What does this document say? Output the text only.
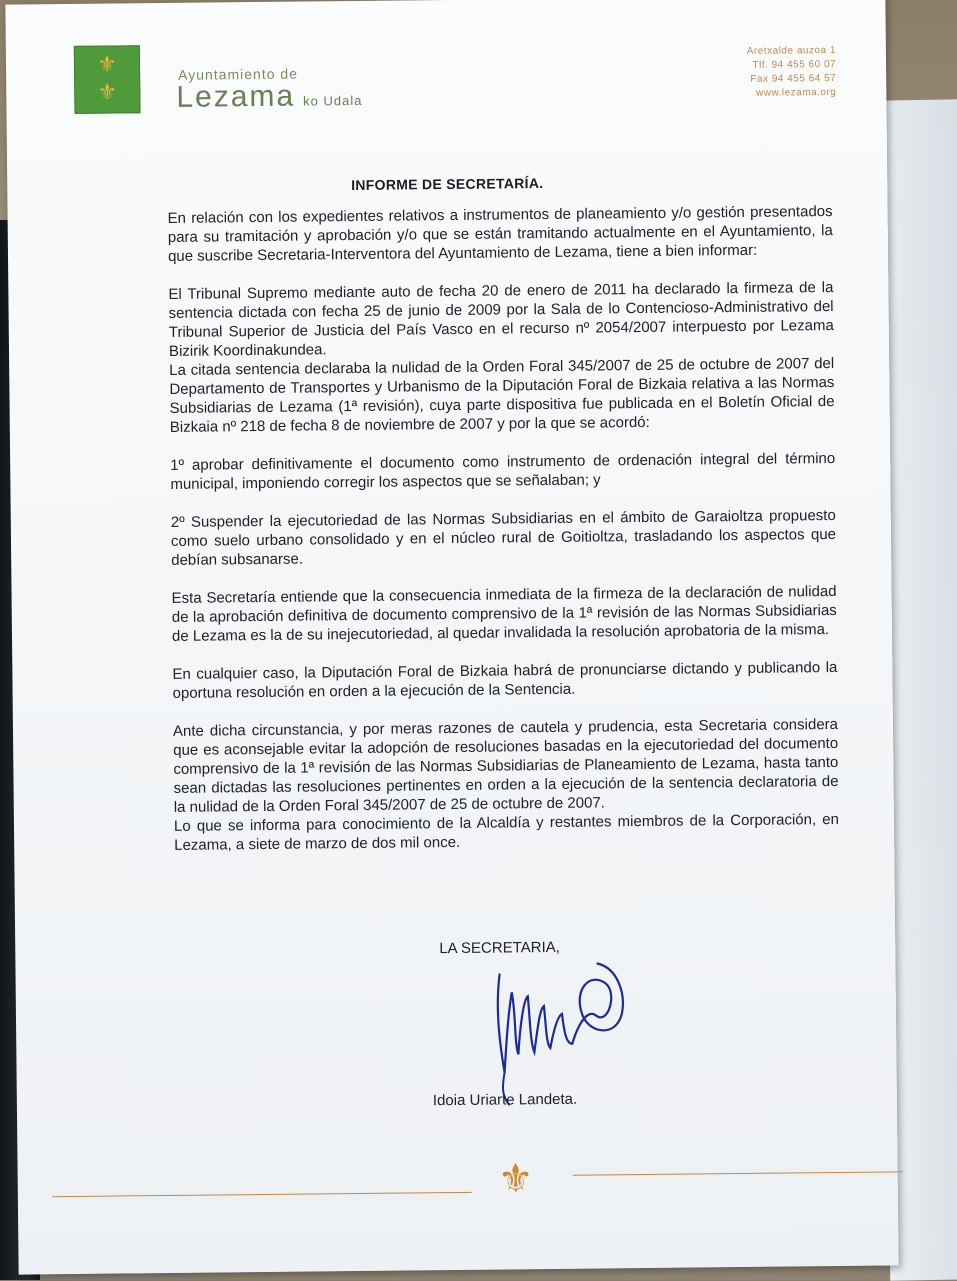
⚜
⚜
Ayuntamiento de
Lezama ko Udala
Aretxalde auzoa 1
Tlf. 94 455 60 07
Fax 94 455 64 57
www.lezama.org
INFORME DE SECRETARÍA.

En relación con los expedientes relativos a instrumentos de planeamiento y/o gestión presentados para su tramitación y aprobación y/o que se están tramitando actualmente en el Ayuntamiento, la que suscribe Secretaria-Interventora del Ayuntamiento de Lezama, tiene a bien informar:

El Tribunal Supremo mediante auto de fecha 20 de enero de 2011 ha declarado la firmeza de la sentencia dictada con fecha 25 de junio de 2009 por la Sala de lo Contencioso-Administrativo del Tribunal Superior de Justicia del País Vasco en el recurso nº 2054/2007 interpuesto por Lezama Bizirik Koordinakundea.

La citada sentencia declaraba la nulidad de la Orden Foral 345/2007 de 25 de octubre de 2007 del Departamento de Transportes y Urbanismo de la Diputación Foral de Bizkaia relativa a las Normas Subsidiarias de Lezama (1ª revisión), cuya parte dispositiva fue publicada en el Boletín Oficial de Bizkaia nº 218 de fecha 8 de noviembre de 2007 y por la que se acordó:

1º aprobar definitivamente el documento como instrumento de ordenación integral del término municipal, imponiendo corregir los aspectos que se señalaban; y

2º Suspender la ejecutoriedad de las Normas Subsidiarias en el ámbito de Garaioltza propuesto como suelo urbano consolidado y en el núcleo rural de Goitioltza, trasladando los aspectos que debían subsanarse.

Esta Secretaría entiende que la consecuencia inmediata de la firmeza de la declaración de nulidad de la aprobación definitiva de documento comprensivo de la 1ª revisión de las Normas Subsidiarias de Lezama es la de su inejecutoriedad, al quedar invalidada la resolución aprobatoria de la misma.

En cualquier caso, la Diputación Foral de Bizkaia habrá de pronunciarse dictando y publicando la oportuna resolución en orden a la ejecución de la Sentencia.

Ante dicha circunstancia, y por meras razones de cautela y prudencia, esta Secretaria considera que es aconsejable evitar la adopción de resoluciones basadas en la ejecutoriedad del documento comprensivo de la 1ª revisión de las Normas Subsidiarias de Planeamiento de Lezama, hasta tanto sean dictadas las resoluciones pertinentes en orden a la ejecución de la sentencia declaratoria de la nulidad de la Orden Foral 345/2007 de 25 de octubre de 2007.

Lo que se informa para conocimiento de la Alcaldía y restantes miembros de la Corporación, en Lezama, a siete de marzo de dos mil once.

LA SECRETARIA,
Idoia Uriarte Landeta.
⚜
